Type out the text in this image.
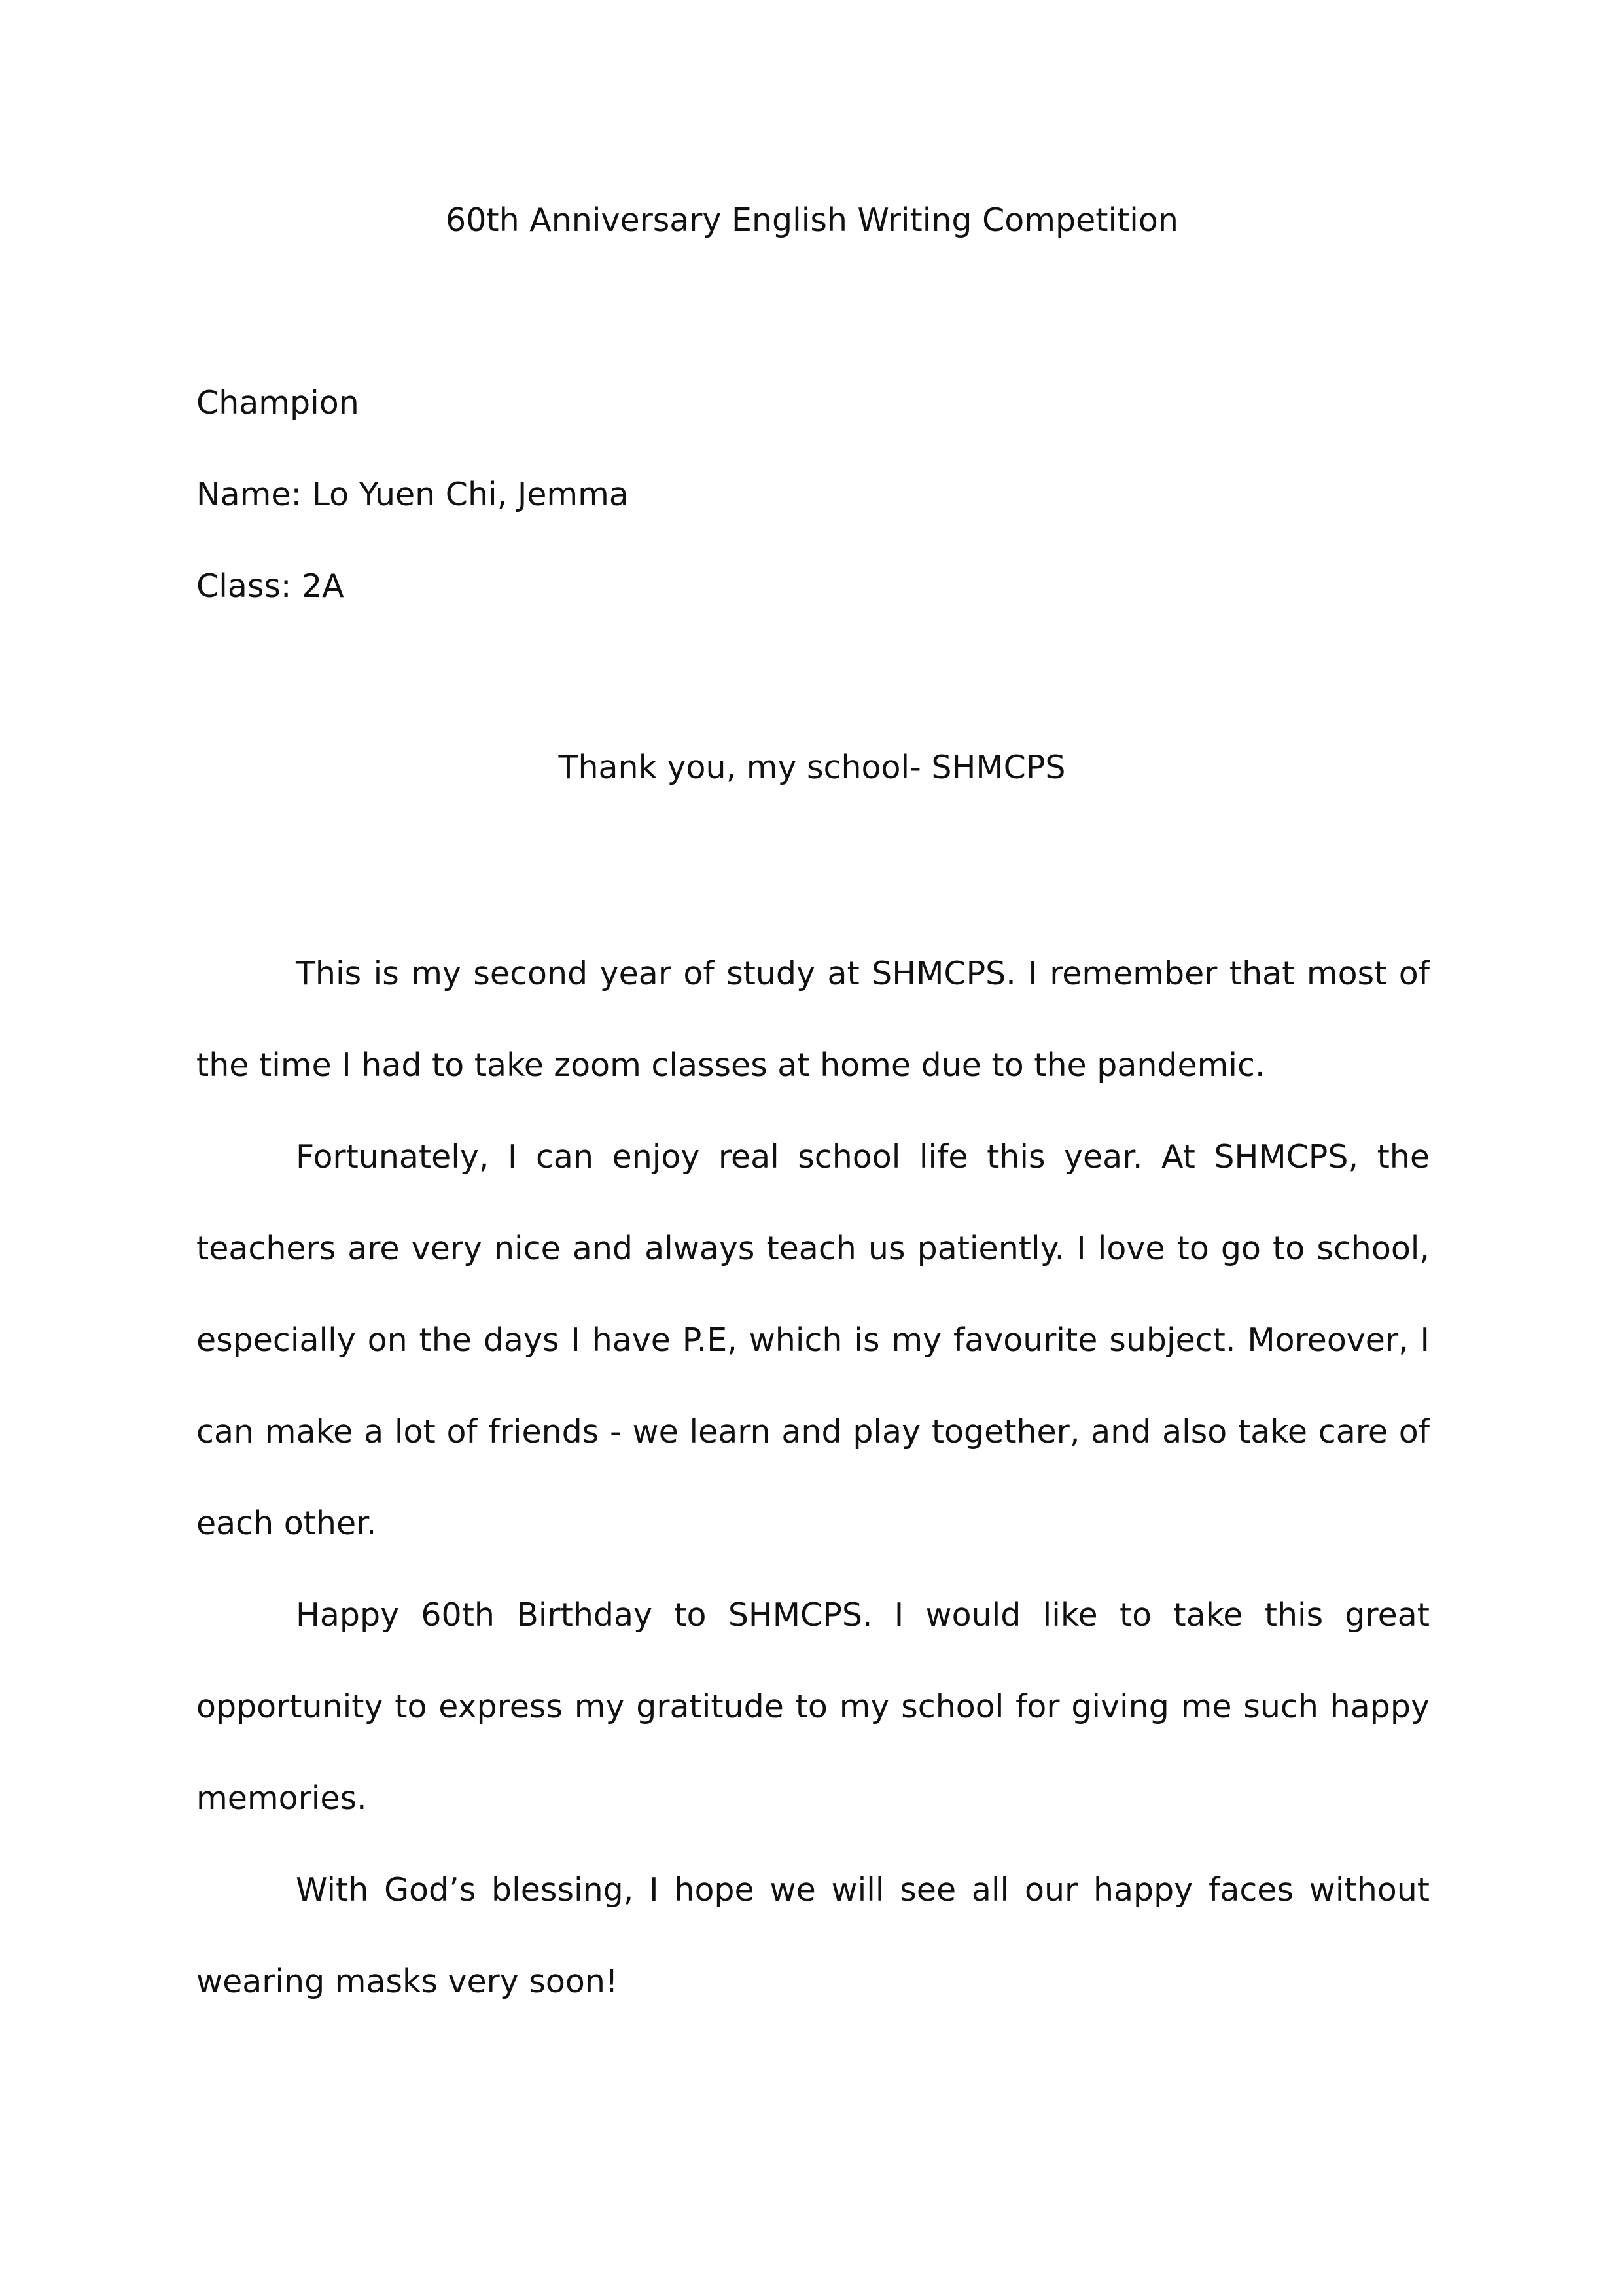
60th Anniversary English Writing Competition
Champion
Name: Lo Yuen Chi, Jemma
Class: 2A
Thank you, my school- SHMCPS

This is my second year of study at SHMCPS. I remember that most of the time I had to take zoom classes at home due to the pandemic.

Fortunately, I can enjoy real school life this year. At SHMCPS, the teachers are very nice and always teach us patiently. I love to go to school, especially on the days I have P.E, which is my favourite subject. Moreover, I can make a lot of friends - we learn and play together, and also take care of each other.

Happy 60th Birthday to SHMCPS. I would like to take this great opportunity to express my gratitude to my school for giving me such happy memories.

With God’s blessing, I hope we will see all our happy faces without wearing masks very soon!
